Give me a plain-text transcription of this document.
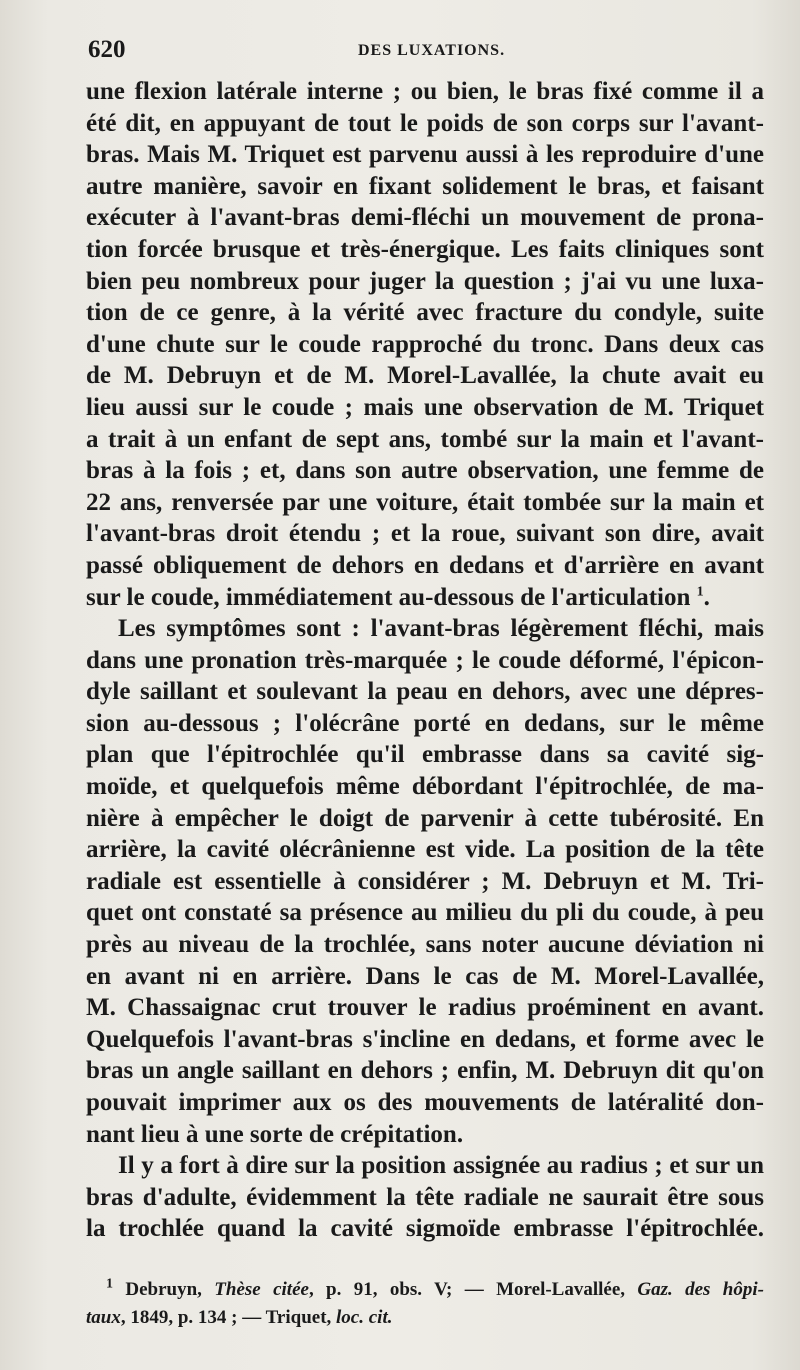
620	DES LUXATIONS.
une flexion latérale interne ; ou bien, le bras fixé comme il a
été dit, en appuyant de tout le poids de son corps sur l'avant-
bras. Mais M. Triquet est parvenu aussi à les reproduire d'une
autre manière, savoir en fixant solidement le bras, et faisant
exécuter à l'avant-bras demi-fléchi un mouvement de prona-
tion forcée brusque et très-énergique. Les faits cliniques sont
bien peu nombreux pour juger la question ; j'ai vu une luxa-
tion de ce genre, à la vérité avec fracture du condyle, suite
d'une chute sur le coude rapproché du tronc. Dans deux cas
de M. Debruyn et de M. Morel-Lavallée, la chute avait eu
lieu aussi sur le coude ; mais une observation de M. Triquet
a trait à un enfant de sept ans, tombé sur la main et l'avant-
bras à la fois ; et, dans son autre observation, une femme de
22 ans, renversée par une voiture, était tombée sur la main et
l'avant-bras droit étendu ; et la roue, suivant son dire, avait
passé obliquement de dehors en dedans et d'arrière en avant
sur le coude, immédiatement au-dessous de l'articulation $^1$.
Les symptômes sont : l'avant-bras légèrement fléchi, mais
dans une pronation très-marquée ; le coude déformé, l'épicon-
dyle saillant et soulevant la peau en dehors, avec une dépres-
sion au-dessous ; l'olécrâne porté en dedans, sur le même
plan que l'épitrochlée qu'il embrasse dans sa cavité sig-
moïde, et quelquefois même débordant l'épitrochlée, de ma-
nière à empêcher le doigt de parvenir à cette tubérosité. En
arrière, la cavité olécrânienne est vide. La position de la tête
radiale est essentielle à considérer ; M. Debruyn et M. Tri-
quet ont constaté sa présence au milieu du pli du coude, à peu
près au niveau de la trochlée, sans noter aucune déviation ni
en avant ni en arrière. Dans le cas de M. Morel-Lavallée,
M. Chassaignac crut trouver le radius proéminent en avant.
Quelquefois l'avant-bras s'incline en dedans, et forme avec le
bras un angle saillant en dehors ; enfin, M. Debruyn dit qu'on
pouvait imprimer aux os des mouvements de latéralité don-
nant lieu à une sorte de crépitation.
Il y a fort à dire sur la position assignée au radius ; et sur un
bras d'adulte, évidemment la tête radiale ne saurait être sous
la trochlée quand la cavité sigmoïde embrasse l'épitrochlée.
$^1$ Debruyn, Thèse citée, p. 91, obs. V; — Morel-Lavallée, Gaz. des hôpi-
taux, 1849, p. 134 ; — Triquet, loc. cit.
